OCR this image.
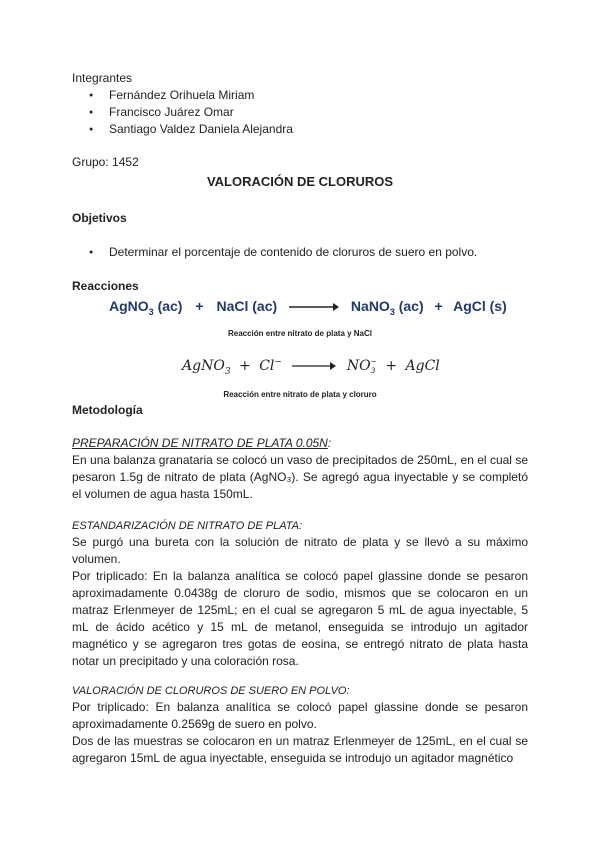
Integrantes
● Fernández Orihuela Miriam
● Francisco Juárez Omar
● Santiago Valdez Daniela Alejandra
Grupo: 1452
VALORACIÓN DE CLORUROS
Objetivos
● Determinar el porcentaje de contenido de cloruros de suero en polvo.
Reacciones
AgNO$_3$ (ac) + NaCl (ac) → NaNO$_3$ (ac) + AgCl (s)
Reacción entre nitrato de plata y NaCl
AgNO$_3$ + Cl− → NO −
3 + AgCl
Reacción entre nitrato de plata y cloruro
Metodología
PREPARACIÓN DE NITRATO DE PLATA 0.05N:
En una balanza granataria se colocó un vaso de precipitados de 250mL, en el cual se pesaron 1.5g de nitrato de plata (AgNO₃). Se agregó agua inyectable y se completó el volumen de agua hasta 150mL.
ESTANDARIZACIÓN DE NITRATO DE PLATA:
Se purgó una bureta con la solución de nitrato de plata y se llevó a su máximo volumen.
Por triplicado: En la balanza analítica se colocó papel glassine donde se pesaron aproximadamente 0.0438g de cloruro de sodio, mismos que se colocaron en un matraz Erlenmeyer de 125mL; en el cual se agregaron 5 mL de agua inyectable, 5 mL de ácido acético y 15 mL de metanol, enseguida se introdujo un agitador magnético y se agregaron tres gotas de eosina, se entregó nitrato de plata hasta notar un precipitado y una coloración rosa.
VALORACIÓN DE CLORUROS DE SUERO EN POLVO:
Por triplicado: En balanza analítica se colocó papel glassine donde se pesaron aproximadamente 0.2569g de suero en polvo.
Dos de las muestras se colocaron en un matraz Erlenmeyer de 125mL, en el cual se agregaron 15mL de agua inyectable, enseguida se introdujo un agitador magnético
